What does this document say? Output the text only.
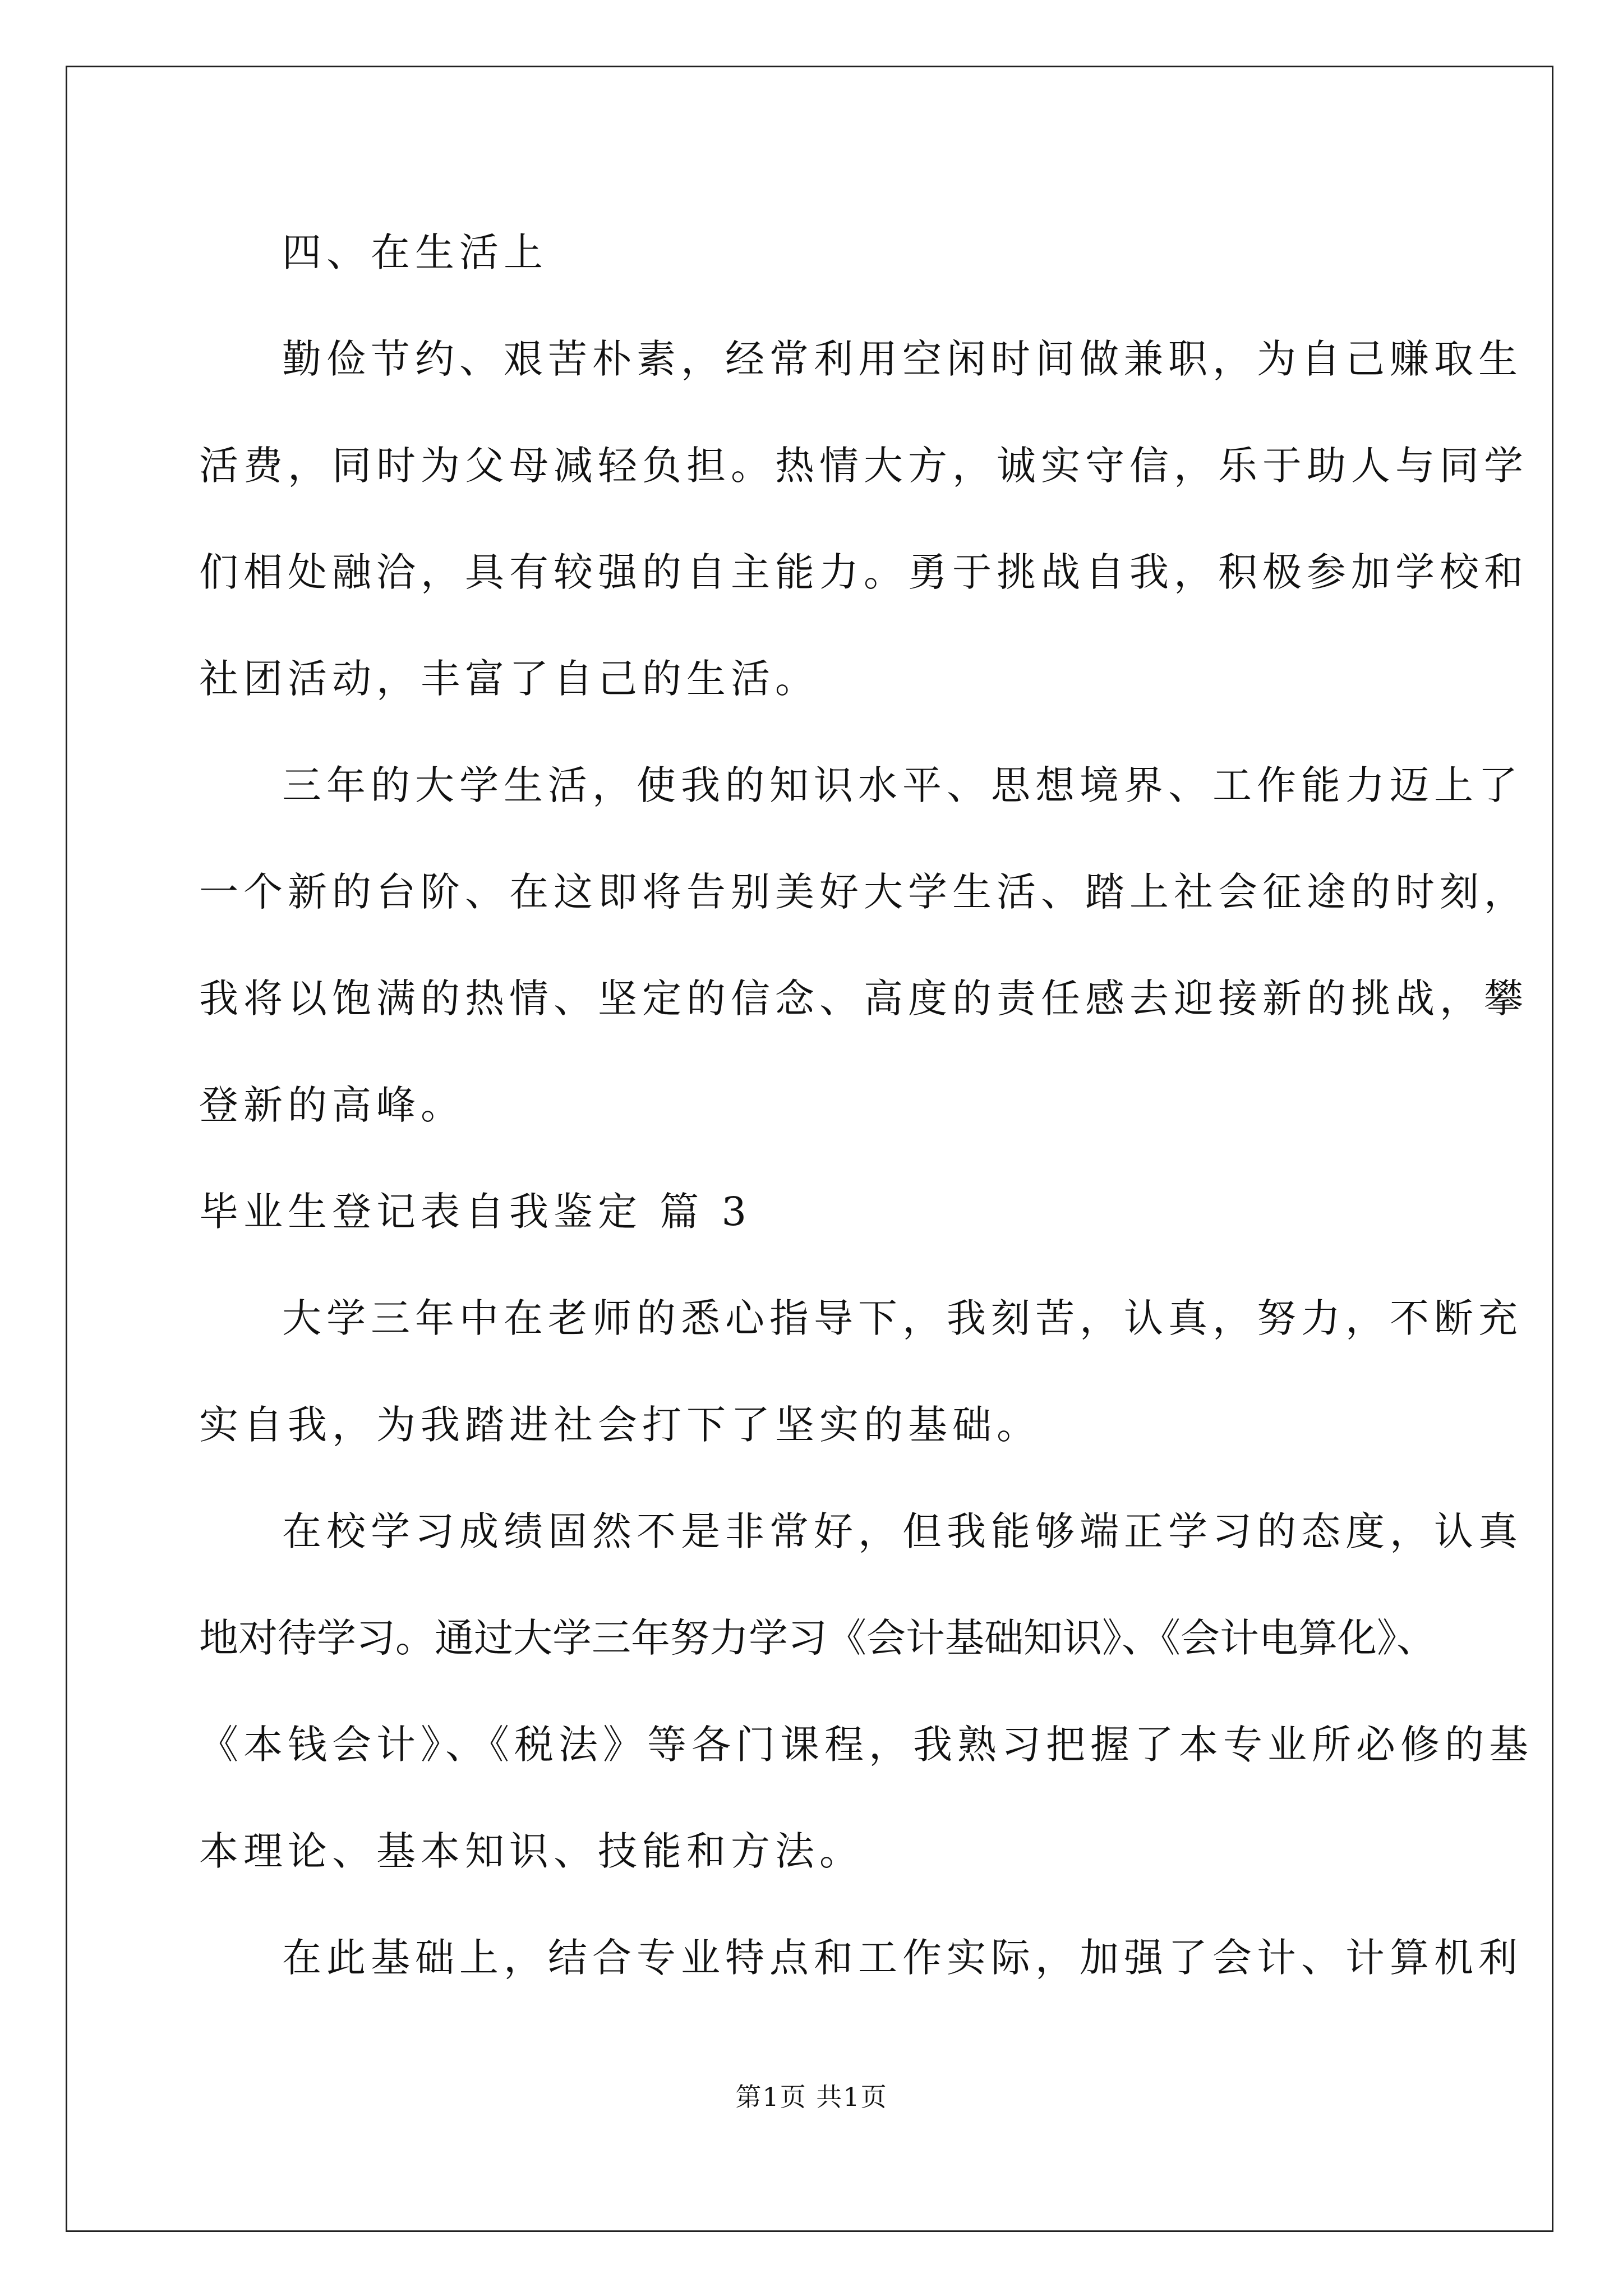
四、在生活上
勤俭节约、艰苦朴素，经常利用空闲时间做兼职，为自己赚取生
活费，同时为父母减轻负担。热情大方，诚实守信，乐于助人与同学
们相处融洽，具有较强的自主能力。勇于挑战自我，积极参加学校和
社团活动，丰富了自己的生活。
三年的大学生活，使我的知识水平、思想境界、工作能力迈上了
一个新的台阶、在这即将告别美好大学生活、踏上社会征途的时刻，
我将以饱满的热情、坚定的信念、高度的责任感去迎接新的挑战，攀
登新的高峰。
毕业生登记表自我鉴定 篇 3
大学三年中在老师的悉心指导下，我刻苦，认真，努力，不断充
实自我，为我踏进社会打下了坚实的基础。
在校学习成绩固然不是非常好，但我能够端正学习的态度，认真
地对待学习。通过大学三年努力学习《会计基础知识》、《会计电算化》、
《本钱会计》、《税法》等各门课程，我熟习把握了本专业所必修的基
本理论、基本知识、技能和方法。
在此基础上，结合专业特点和工作实际，加强了会计、计算机利
第1页 共1页
